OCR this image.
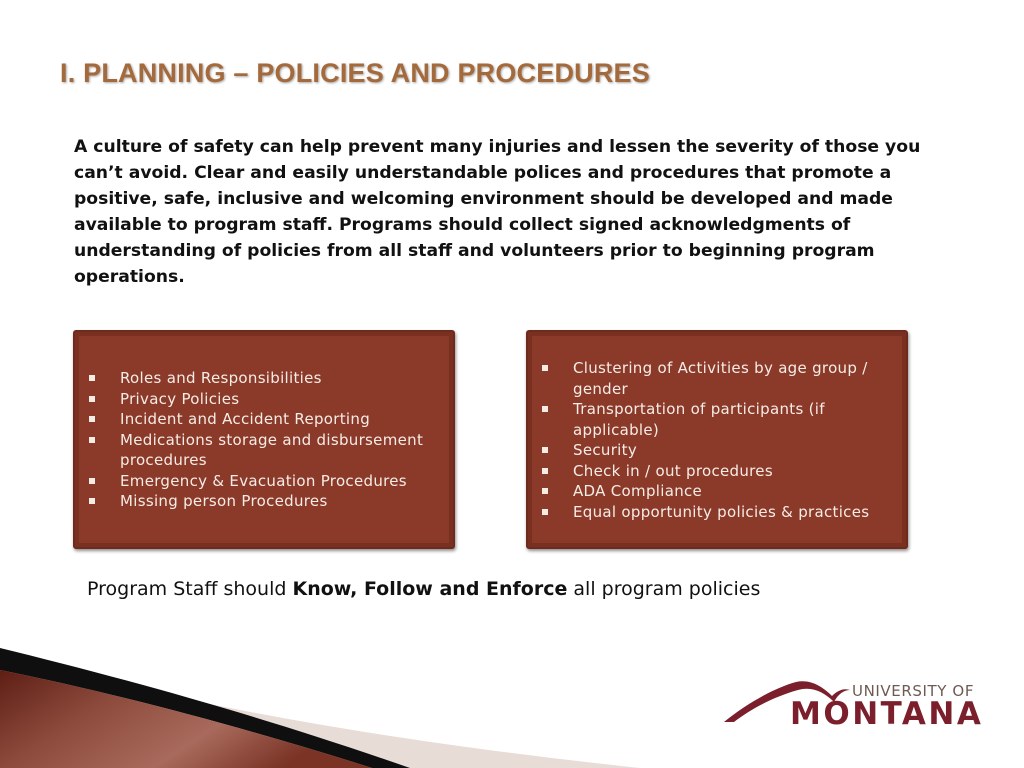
I. PLANNING – POLICIES AND PROCEDURES

A culture of safety can help prevent many injuries and lessen the severity of those you can’t avoid. Clear and easily understandable polices and procedures that promote a positive, safe, inclusive and welcoming environment should be developed and made available to program staff. Programs should collect signed acknowledgments of understanding of policies from all staff and volunteers prior to beginning program operations.

Roles and Responsibilities
Privacy Policies
Incident and Accident Reporting
Medications storage and disbursement procedures
Emergency & Evacuation Procedures
Missing person Procedures
Clustering of Activities by age group / gender
Transportation of participants (if applicable)
Security
Check in / out procedures
ADA Compliance
Equal opportunity policies & practices

Program Staff should Know, Follow and Enforce all program policies

UNIVERSITY OF
MONTANA
